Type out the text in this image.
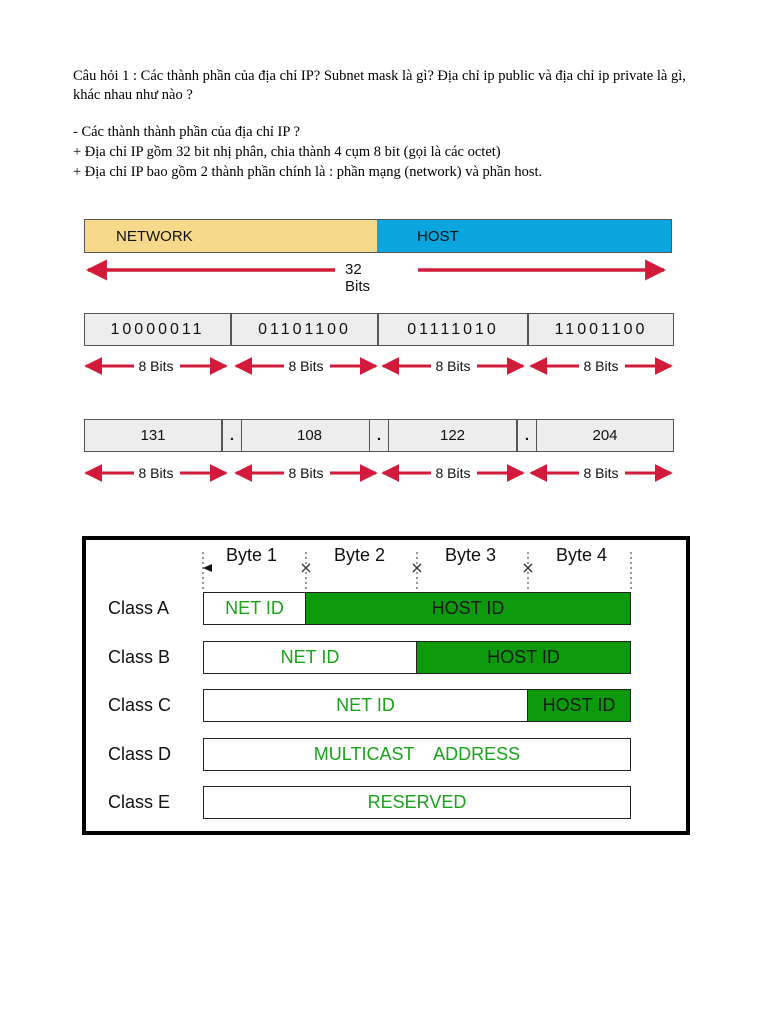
Câu hỏi 1 : Các thành phần của địa chỉ IP? Subnet mask là gì? Địa chỉ ip public và địa chỉ ip private là gì, khác nhau như nào ?
- Các thành thành phần của địa chỉ IP ?
+ Địa chỉ IP gồm 32 bit nhị phân, chia thành 4 cụm 8 bit (gọi là các octet)
+ Địa chỉ IP bao gồm 2 thành phần chính là : phần mạng (network) và phần host.
NETWORK	HOST
8 Bits	8 Bits	8 Bits	8 Bits
8 Bits	8 Bits	8 Bits	8 Bits
32 Bits
10000011	01101100	01111010	11001100
131	.	108	.	122	.	204
×	×	×
Byte 1	Byte 2	Byte 3	Byte 4
Class A	NET ID	HOST ID
Class B	NET ID	HOST ID
Class C	NET ID	HOST ID
Class D	MULTICAST    ADDRESS
Class E	RESERVED
